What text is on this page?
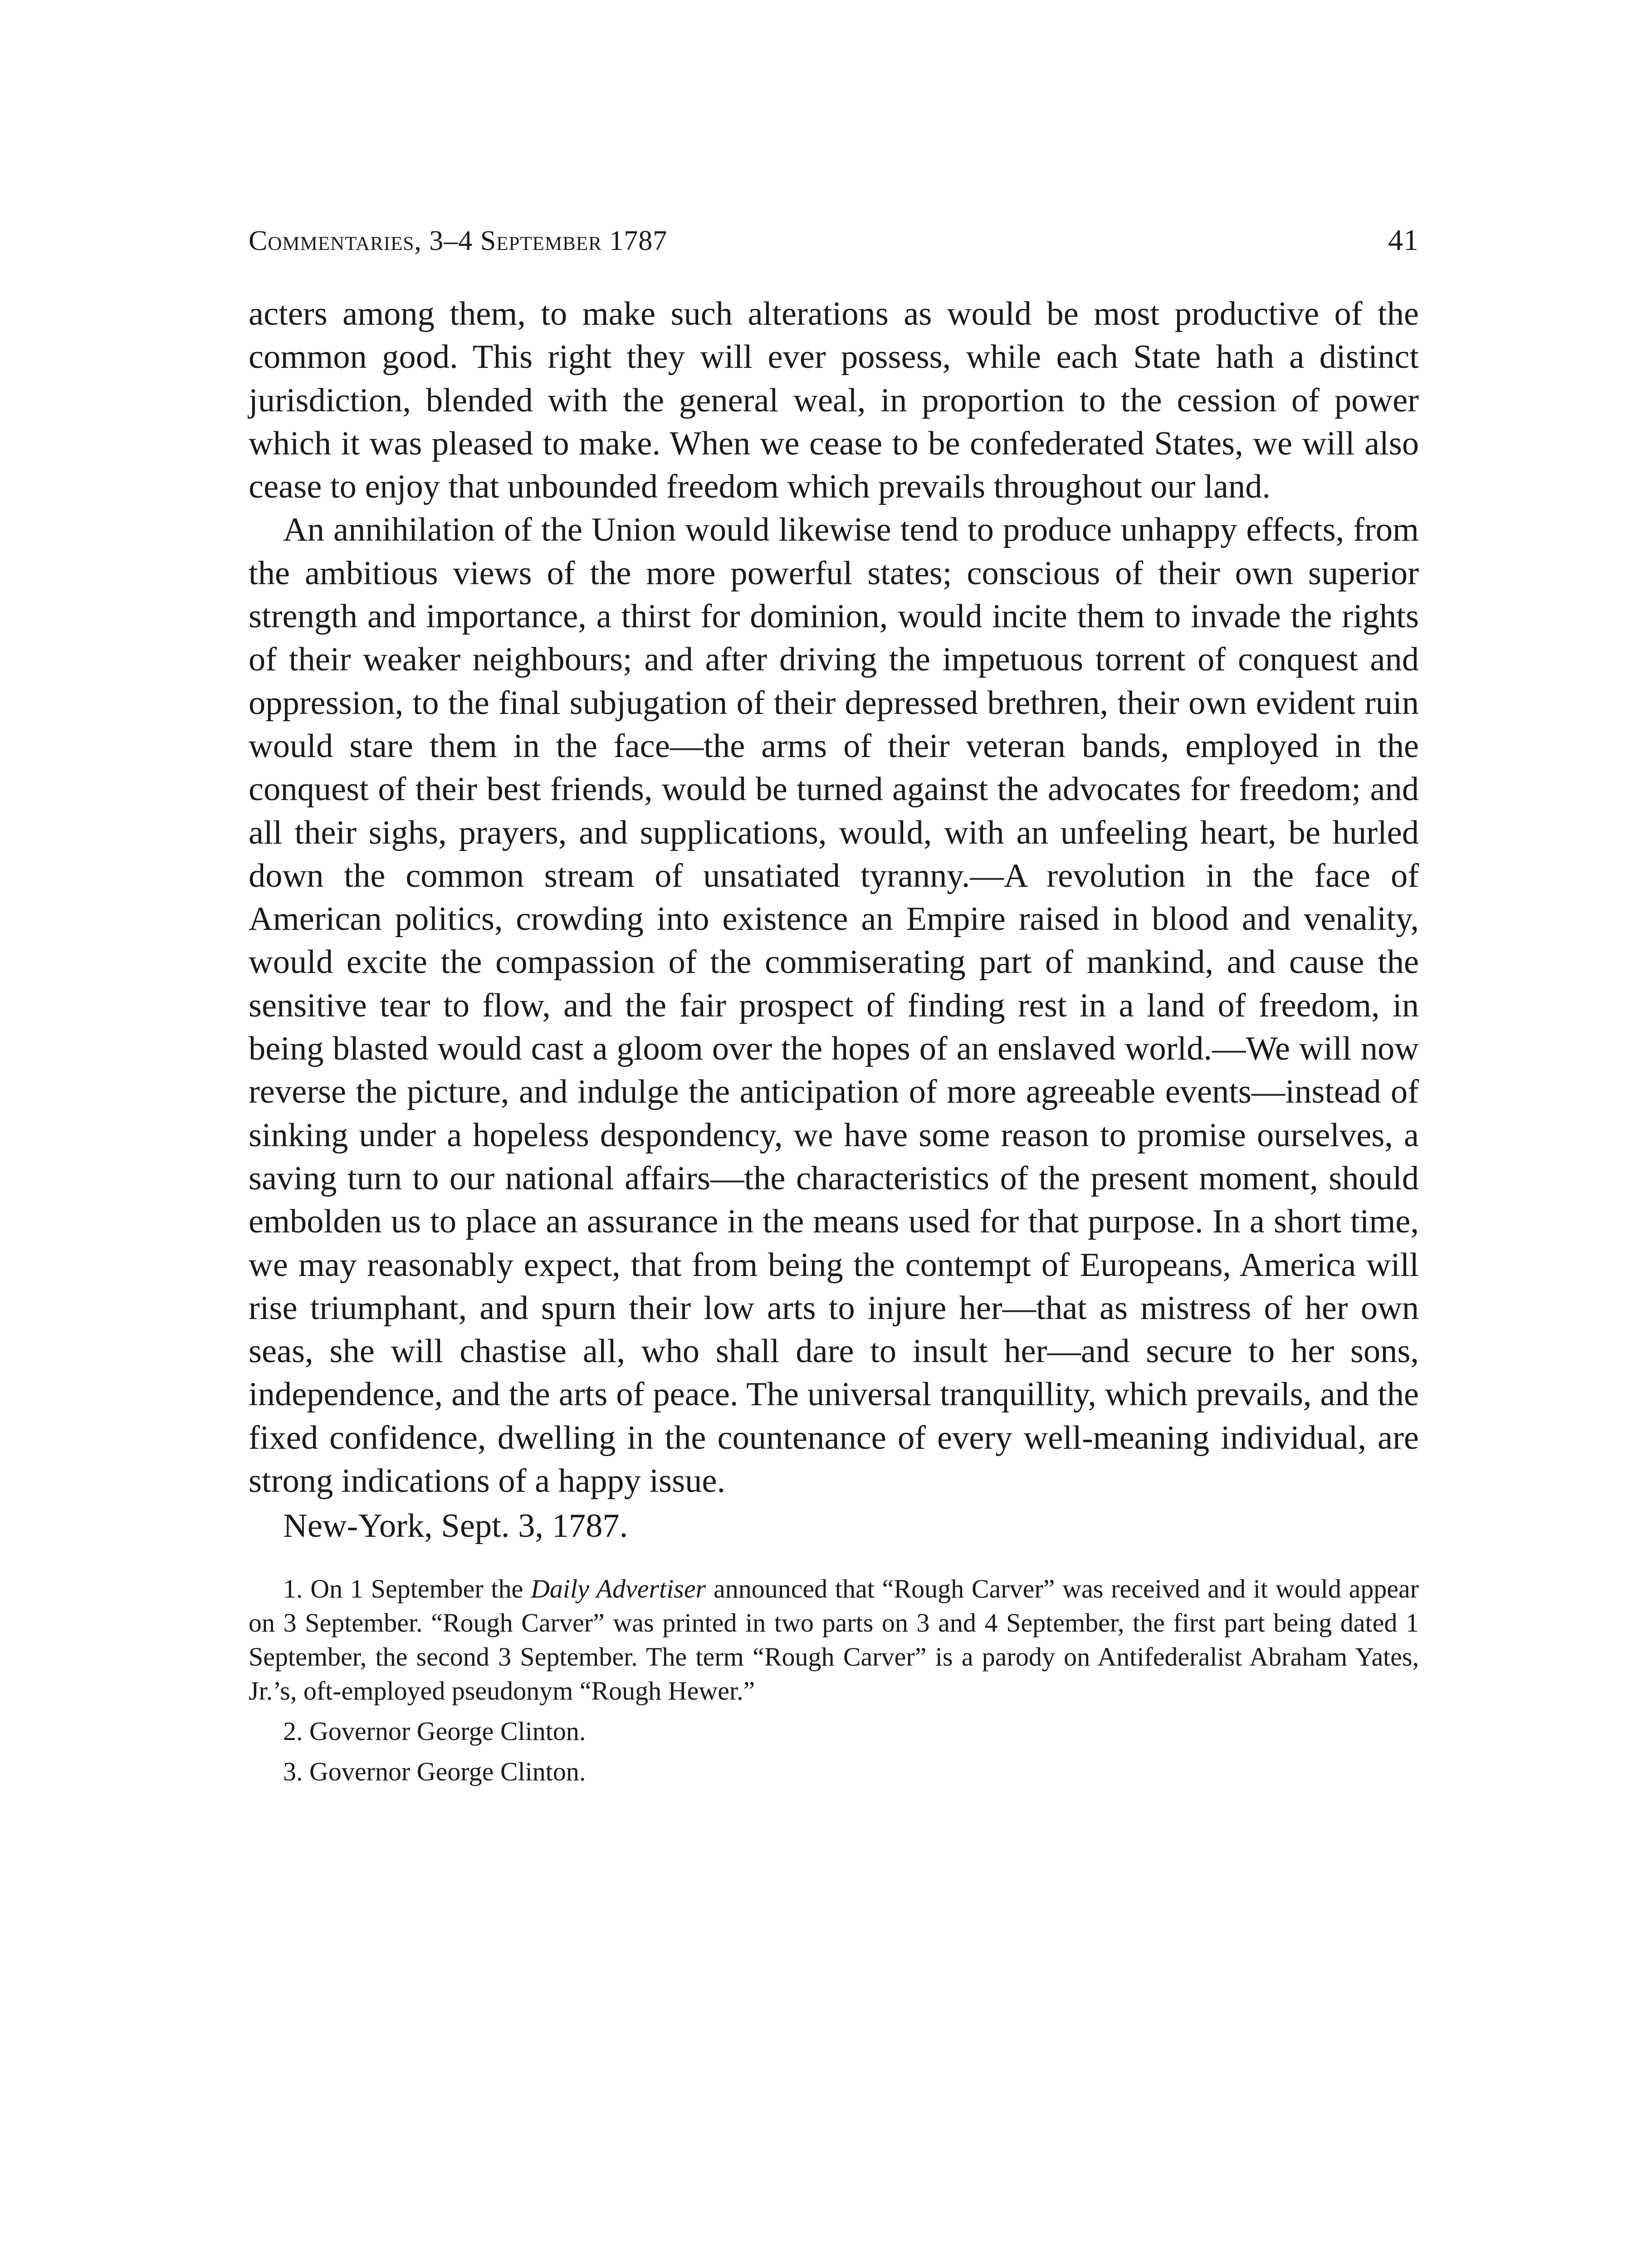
Commentaries, 3–4 September 1787	41

acters among them, to make such alterations as would be most productive of the common good. This right they will ever possess, while each State hath a distinct jurisdiction, blended with the general weal, in proportion to the cession of power which it was pleased to make. When we cease to be confederated States, we will also cease to enjoy that unbounded freedom which prevails throughout our land.

An annihilation of the Union would likewise tend to produce unhappy effects, from the ambitious views of the more powerful states; conscious of their own superior strength and importance, a thirst for dominion, would incite them to invade the rights of their weaker neighbours; and after driving the impetuous torrent of conquest and oppression, to the final subjugation of their depressed brethren, their own evident ruin would stare them in the face—the arms of their veteran bands, employed in the conquest of their best friends, would be turned against the advocates for freedom; and all their sighs, prayers, and supplications, would, with an unfeeling heart, be hurled down the common stream of unsatiated tyranny.—A revolution in the face of American politics, crowding into existence an Empire raised in blood and venality, would excite the compassion of the commiserating part of mankind, and cause the sensitive tear to flow, and the fair prospect of finding rest in a land of freedom, in being blasted would cast a gloom over the hopes of an enslaved world.—We will now reverse the picture, and indulge the anticipation of more agreeable events—instead of sinking under a hopeless despondency, we have some reason to promise ourselves, a saving turn to our national affairs—the characteristics of the present moment, should embolden us to place an assurance in the means used for that purpose. In a short time, we may reasonably expect, that from being the contempt of Europeans, America will rise triumphant, and spurn their low arts to injure her—that as mistress of her own seas, she will chastise all, who shall dare to insult her—and secure to her sons, independence, and the arts of peace. The universal tranquillity, which prevails, and the fixed confidence, dwelling in the countenance of every well-meaning individual, are strong indications of a happy issue.

New-York, Sept. 3, 1787.

1. On 1 September the Daily Advertiser announced that “Rough Carver” was received and it would appear on 3 September. “Rough Carver” was printed in two parts on 3 and 4 September, the first part being dated 1 September, the second 3 September. The term “Rough Carver” is a parody on Antifederalist Abraham Yates, Jr.’s, oft-employed pseudonym “Rough Hewer.”

2. Governor George Clinton.

3. Governor George Clinton.
